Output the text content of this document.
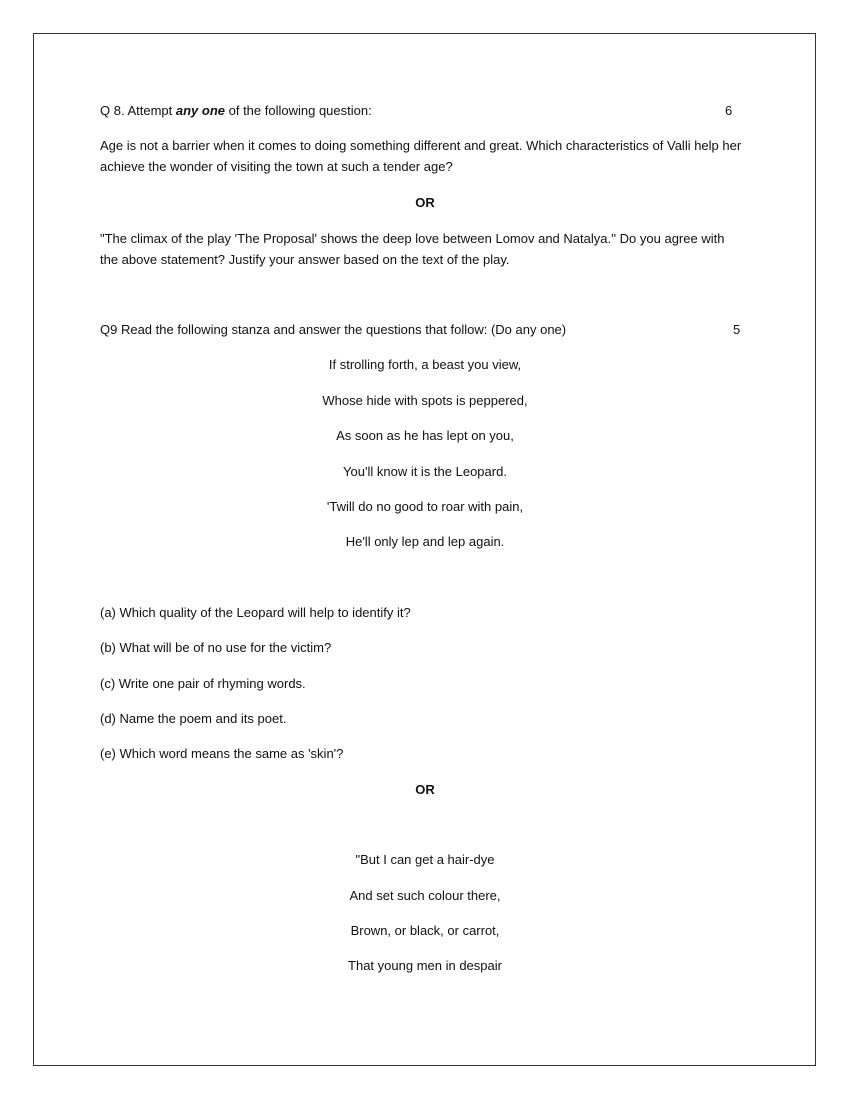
Q 8. Attempt any one of the following question:	6
Age is not a barrier when it comes to doing something different and great. Which characteristics of Valli help her achieve the wonder of visiting the town at such a tender age?
OR
"The climax of the play 'The Proposal' shows the deep love between Lomov and Natalya.'' Do you agree with the above statement? Justify your answer based on the text of the play.
Q9 Read the following stanza and answer the questions that follow: (Do any one)	5
If strolling forth, a beast you view,
Whose hide with spots is peppered,
As soon as he has lept on you,
You'll know it is the Leopard.
'Twill do no good to roar with pain,
He'll only lep and lep again.
(a) Which quality of the Leopard will help to identify it?
(b) What will be of no use for the victim?
(c) Write one pair of rhyming words.
(d) Name the poem and its poet.
(e) Which word means the same as 'skin'?
OR
"But I can get a hair-dye
And set such colour there,
Brown, or black, or carrot,
That young men in despair
